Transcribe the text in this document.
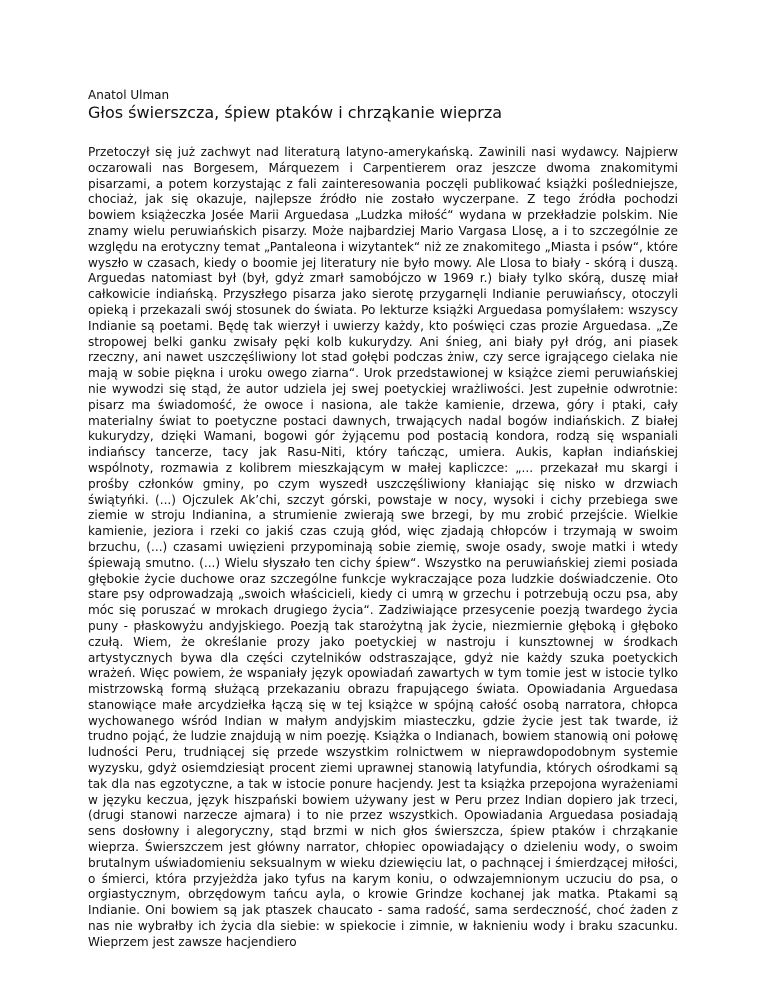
Anatol Ulman
Głos świerszcza, śpiew ptaków i chrząkanie wieprza

Przetoczył się już zachwyt nad literaturą latyno-amerykańską. Zawinili nasi wydawcy. Najpierw oczarowali nas Borgesem, Márquezem i Carpentierem oraz jeszcze dwoma znakomitymi pisarzami, a potem korzystając z fali zainteresowania poczęli publikować książki pośledniejsze, chociaż, jak się okazuje, najlepsze źródło nie zostało wyczerpane. Z tego źródła pochodzi bowiem książeczka Josée Marii Arguedasa „Ludzka miłość“ wydana w przekładzie polskim. Nie znamy wielu peruwiańskich pisarzy. Może najbardziej Mario Vargasa Llosę, a i to szczególnie ze względu na erotyczny temat „Pantaleona i wizytantek“ niż ze znakomitego „Miasta i psów“, które wyszło w czasach, kiedy o boomie jej literatury nie było mowy. Ale Llosa to biały - skórą i duszą. Arguedas natomiast był (był, gdyż zmarł samobójczo w 1969 r.) biały tylko skórą, duszę miał całkowicie indiańską. Przyszłego pisarza jako sierotę przygarnęli Indianie peruwiańscy, otoczyli opieką i przekazali swój stosunek do świata. Po lekturze książki Arguedasa pomyślałem: wszyscy Indianie są poetami. Będę tak wierzył i uwierzy każdy, kto poświęci czas prozie Arguedasa. „Ze stropowej belki ganku zwisały pęki kolb kukurydzy. Ani śnieg, ani biały pył dróg, ani piasek rzeczny, ani nawet uszczęśliwiony lot stad gołębi podczas żniw, czy serce igrającego cielaka nie mają w sobie piękna i uroku owego ziarna“. Urok przedstawionej w książce ziemi peruwiańskiej nie wywodzi się stąd, że autor udziela jej swej poetyckiej wrażliwości. Jest zupełnie odwrotnie: pisarz ma świadomość, że owoce i nasiona, ale także kamienie, drzewa, góry i ptaki, cały materialny świat to poetyczne postaci dawnych, trwających nadal bogów indiańskich. Z białej kukurydzy, dzięki Wamani, bogowi gór żyjącemu pod postacią kondora, rodzą się wspaniali indiańscy tancerze, tacy jak Rasu-Niti, który tańcząc, umiera. Aukis, kapłan indiańskiej wspólnoty, rozmawia z kolibrem mieszkającym w małej kapliczce: „... przekazał mu skargi i prośby członków gminy, po czym wyszedł uszczęśliwiony kłaniając się nisko w drzwiach świątyńki. (...) Ojczulek Ak’chi, szczyt górski, powstaje w nocy, wysoki i cichy przebiega swe ziemie w stroju Indianina, a strumienie zwierają swe brzegi, by mu zrobić przejście. Wielkie kamienie, jeziora i rzeki co jakiś czas czują głód, więc zjadają chłopców i trzymają w swoim brzuchu, (...) czasami uwięzieni przypominają sobie ziemię, swoje osady, swoje matki i wtedy śpiewają smutno. (...) Wielu słyszało ten cichy śpiew“. Wszystko na peruwiańskiej ziemi posiada głębokie życie duchowe oraz szczególne funkcje wykraczające poza ludzkie doświadczenie. Oto stare psy odprowadzają „swoich właścicieli, kiedy ci umrą w grzechu i potrzebują oczu psa, aby móc się poruszać w mrokach drugiego życia“. Zadziwiające przesycenie poezją twardego życia puny - płaskowyżu andyjskiego. Poezją tak starożytną jak życie, niezmiernie głęboką i głęboko czułą. Wiem, że określanie prozy jako poetyckiej w nastroju i kunsztownej w środkach artystycznych bywa dla części czytelników odstraszające, gdyż nie każdy szuka poetyckich wrażeń. Więc powiem, że wspaniały język opowiadań zawartych w tym tomie jest w istocie tylko mistrzowską formą służącą przekazaniu obrazu frapującego świata. Opowiadania Arguedasa stanowiące małe arcydziełka łączą się w tej książce w spójną całość osobą narratora, chłopca wychowanego wśród Indian w małym andyjskim miasteczku, gdzie życie jest tak twarde, iż trudno pojąć, że ludzie znajdują w nim poezję. Książka o Indianach, bowiem stanowią oni połowę ludności Peru, trudniącej się przede wszystkim rolnictwem w nieprawdopodobnym systemie wyzysku, gdyż osiemdziesiąt procent ziemi uprawnej stanowią latyfundia, których ośrodkami są tak dla nas egzotyczne, a tak w istocie ponure hacjendy. Jest ta książka przepojona wyrażeniami w języku keczua, język hiszpański bowiem używany jest w Peru przez Indian dopiero jak trzeci, (drugi stanowi narzecze ajmara) i to nie przez wszystkich. Opowiadania Arguedasa posiadają sens dosłowny i alegoryczny, stąd brzmi w nich głos świerszcza, śpiew ptaków i chrząkanie wieprza. Świerszczem jest główny narrator, chłopiec opowiadający o dzieleniu wody, o swoim brutalnym uświadomieniu seksualnym w wieku dziewięciu lat, o pachnącej i śmierdzącej miłości, o śmierci, która przyjeżdża jako tyfus na karym koniu, o odwzajemnionym uczuciu do psa, o orgiastycznym, obrzędowym tańcu ayla, o krowie Grindze kochanej jak matka. Ptakami są Indianie. Oni bowiem są jak ptaszek chaucato - sama radość, sama serdeczność, choć żaden z nas nie wybrałby ich życia dla siebie: w spiekocie i zimnie, w łaknieniu wody i braku szacunku. Wieprzem jest zawsze hacjendiero
